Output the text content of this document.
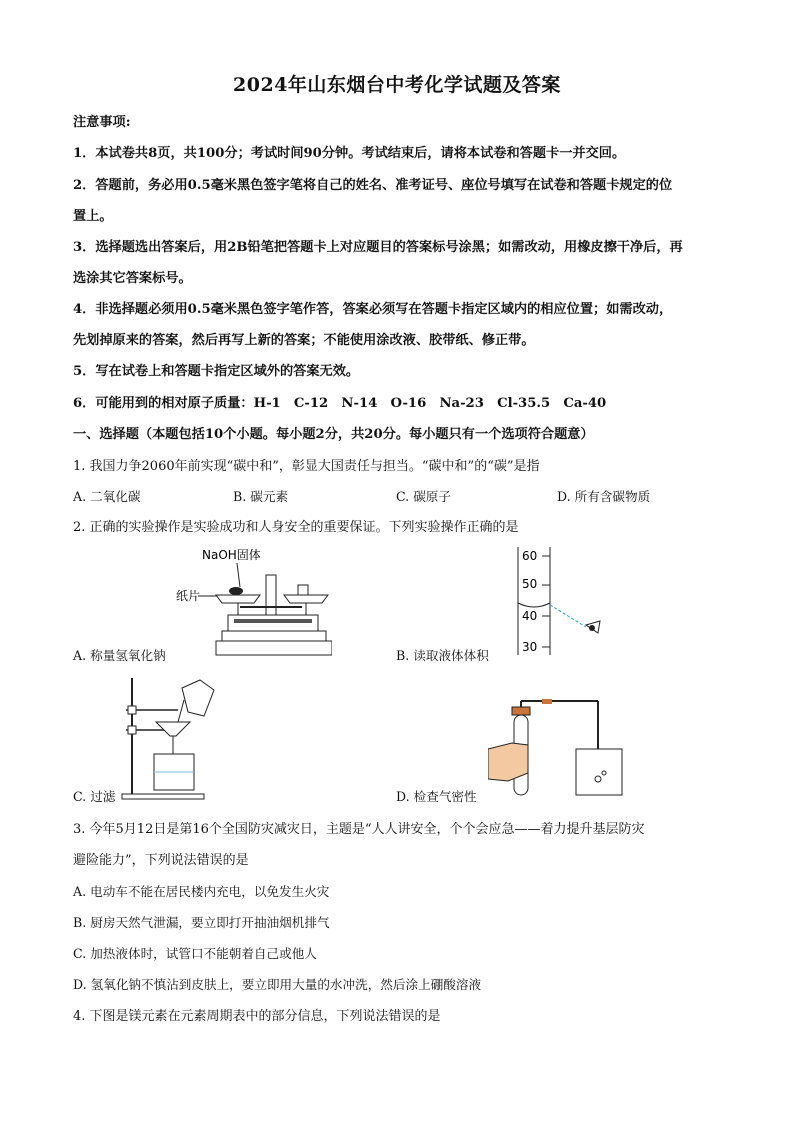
2024年山东烟台中考化学试题及答案
注意事项:
1．本试卷共8页，共100分；考试时间90分钟。考试结束后，请将本试卷和答题卡一并交回。
2．答题前，务必用0.5毫米黑色签字笔将自己的姓名、准考证号、座位号填写在试卷和答题卡规定的位
置上。
3．选择题选出答案后，用2B铅笔把答题卡上对应题目的答案标号涂黑；如需改动，用橡皮擦干净后，再
选涂其它答案标号。
4．非选择题必须用0.5毫米黑色签字笔作答，答案必须写在答题卡指定区域内的相应位置；如需改动，
先划掉原来的答案，然后再写上新的答案；不能使用涂改液、胶带纸、修正带。
5．写在试卷上和答题卡指定区域外的答案无效。
6．可能用到的相对原子质量：H-1　C-12　N-14　O-16　Na-23　Cl-35.5　Ca-40
一、选择题（本题包括10个小题。每小题2分，共20分。每小题只有一个选项符合题意）
1. 我国力争2060年前实现“碳中和”，彰显大国责任与担当。“碳中和”的“碳”是指
A. 二氧化碳	B. 碳元素	C. 碳原子	D. 所有含碳物质
2. 正确的实验操作是实验成功和人身安全的重要保证。下列实验操作正确的是
NaOH固体
纸片
A. 称量氢氧化钠
60
50
40
30
B. 读取液体体积
C. 过滤	D. 检查气密性
3. 今年5月12日是第16个全国防灾减灾日，主题是“人人讲安全，个个会应急——着力提升基层防灾
避险能力”，下列说法错误的是
A. 电动车不能在居民楼内充电，以免发生火灾
B. 厨房天然气泄漏，要立即打开抽油烟机排气
C. 加热液体时，试管口不能朝着自己或他人
D. 氢氧化钠不慎沾到皮肤上，要立即用大量的水冲洗，然后涂上硼酸溶液
4. 下图是镁元素在元素周期表中的部分信息，下列说法错误的是
